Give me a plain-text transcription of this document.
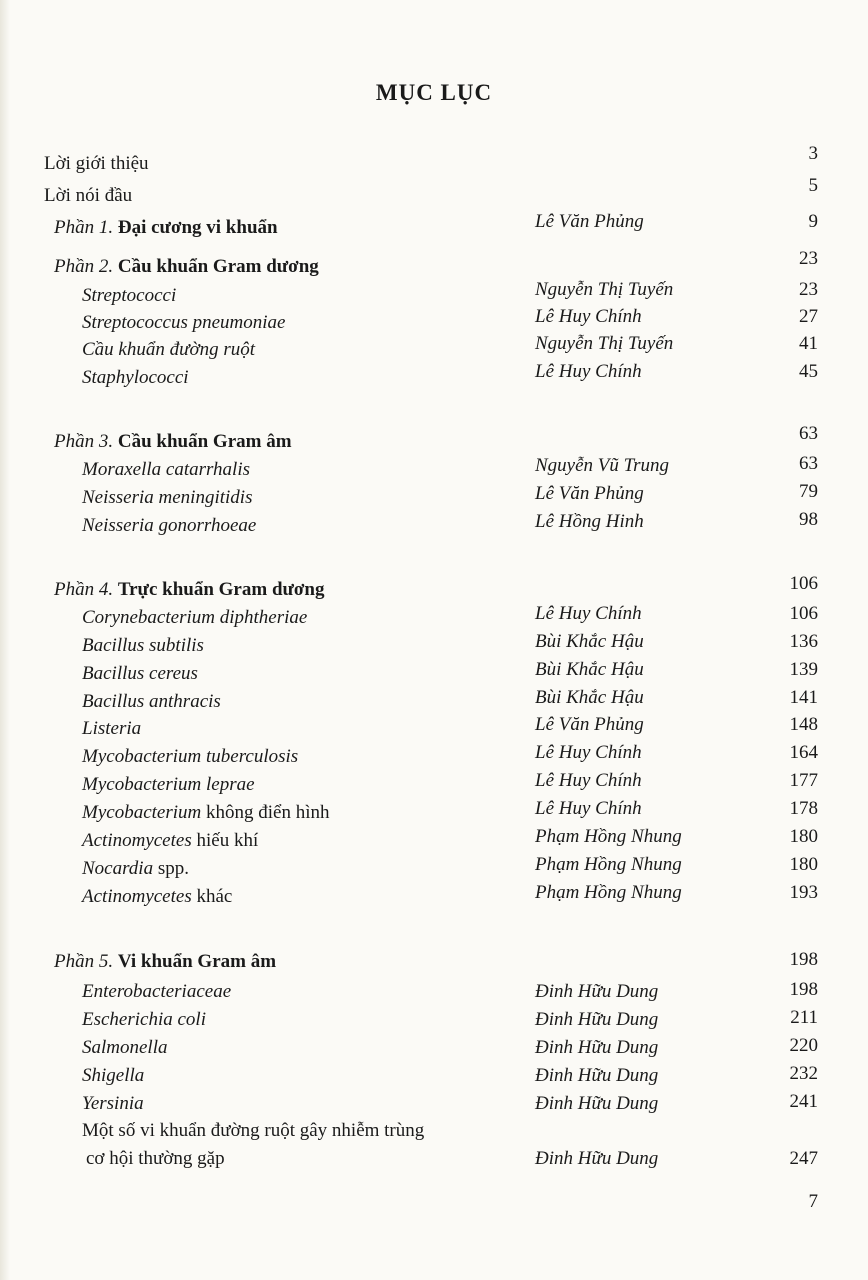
MỤC LỤC
Lời giới thiệu	3
Lời nói đầu	5
Phần 1. Đại cương vi khuẩn	Lê Văn Phủng	9
Phần 2. Cầu khuẩn Gram dương	23
Streptococci	Nguyễn Thị Tuyến	23
Streptococcus pneumoniae	Lê Huy Chính	27
Cầu khuẩn đường ruột	Nguyễn Thị Tuyến	41
Staphylococci	Lê Huy Chính	45
Phần 3. Cầu khuẩn Gram âm	63
Moraxella catarrhalis	Nguyễn Vũ Trung	63
Neisseria meningitidis	Lê Văn Phủng	79
Neisseria gonorrhoeae	Lê Hồng Hinh	98
Phần 4. Trực khuẩn Gram dương	106
Corynebacterium diphtheriae	Lê Huy Chính	106
Bacillus subtilis	Bùi Khắc Hậu	136
Bacillus cereus	Bùi Khắc Hậu	139
Bacillus anthracis	Bùi Khắc Hậu	141
Listeria	Lê Văn Phủng	148
Mycobacterium tuberculosis	Lê Huy Chính	164
Mycobacterium leprae	Lê Huy Chính	177
Mycobacterium không điển hình	Lê Huy Chính	178
Actinomycetes hiếu khí	Phạm Hồng Nhung	180
Nocardia spp.	Phạm Hồng Nhung	180
Actinomycetes khác	Phạm Hồng Nhung	193
Phần 5. Vi khuẩn Gram âm	198
Enterobacteriaceae	Đinh Hữu Dung	198
Escherichia coli	Đinh Hữu Dung	211
Salmonella	Đinh Hữu Dung	220
Shigella	Đinh Hữu Dung	232
Yersinia	Đinh Hữu Dung	241
Một số vi khuẩn đường ruột gây nhiễm trùng
cơ hội thường gặp	Đinh Hữu Dung	247
7
